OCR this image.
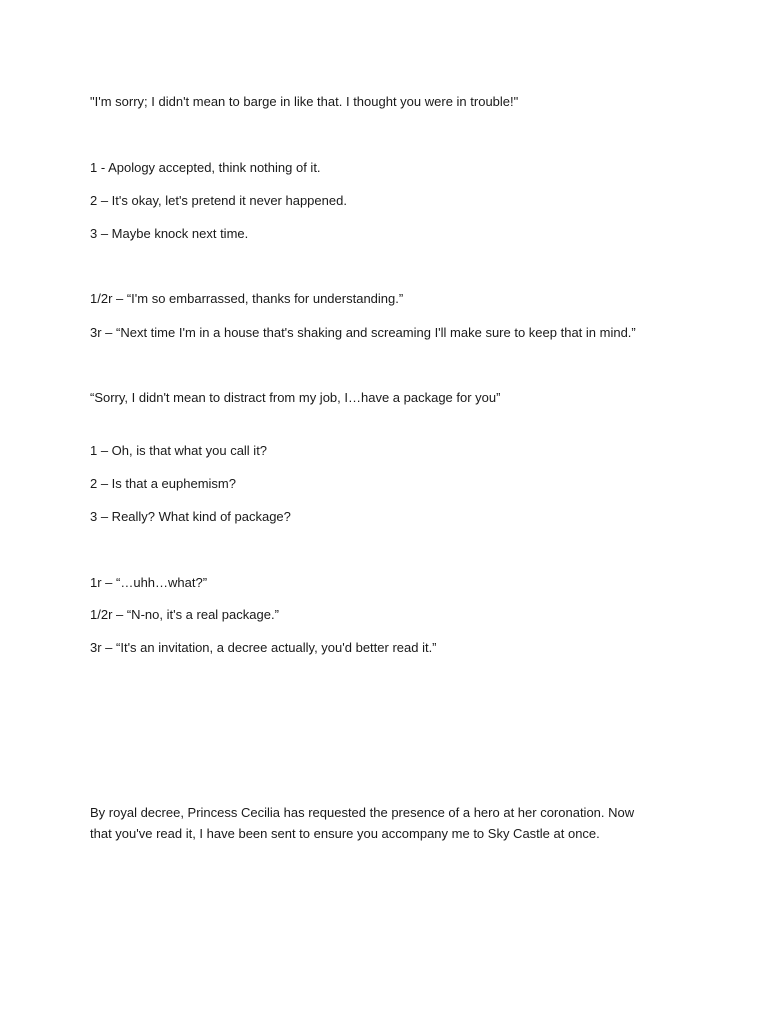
"I'm sorry; I didn't mean to barge in like that. I thought you were in trouble!"

1 - Apology accepted, think nothing of it.

2 – It's okay, let's pretend it never happened.

3 – Maybe knock next time.

1/2r – “I'm so embarrassed, thanks for understanding.”

3r – “Next time I'm in a house that's shaking and screaming I'll make sure to keep that in mind.”

“Sorry, I didn't mean to distract from my job, I…have a package for you”

1 – Oh, is that what you call it?

2 – Is that a euphemism?

3 – Really? What kind of package?

1r – “…uhh…what?”

1/2r – “N-no, it's a real package.”

3r – “It's an invitation, a decree actually, you'd better read it.”

By royal decree, Princess Cecilia has requested the presence of a hero at her coronation. Now that you've read it, I have been sent to ensure you accompany me to Sky Castle at once.
